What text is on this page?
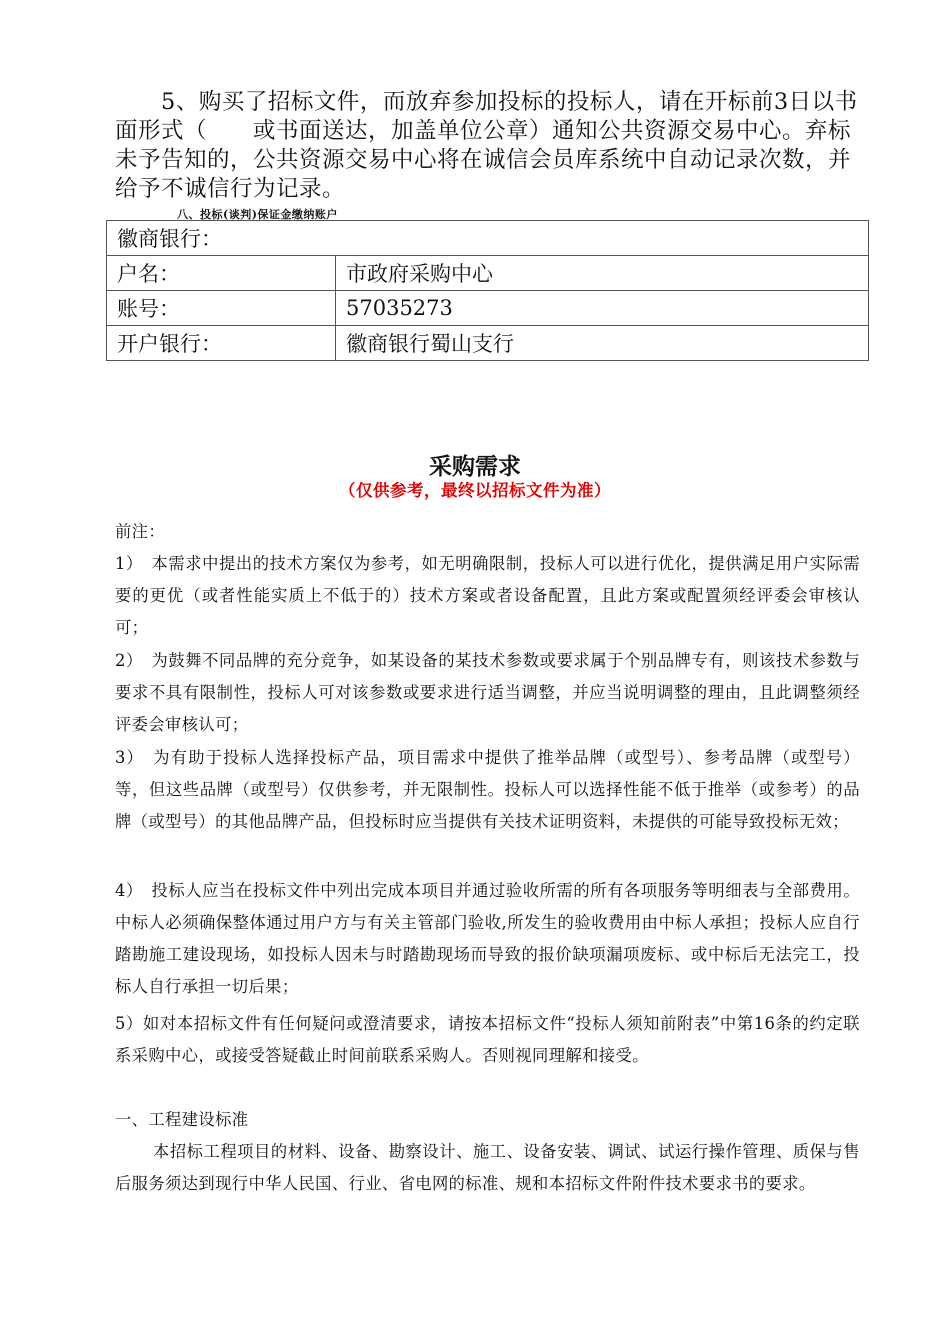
5、购买了招标文件，而放弃参加投标的投标人，请在开标前3日以书面形式（　　或书面送达，加盖单位公章）通知公共资源交易中心。弃标未予告知的，公共资源交易中心将在诚信会员库系统中自动记录次数，并给予不诚信行为记录。

八、投标(谈判)保证金缴纳账户

徽商银行：	
户名：	市政府采购中心
账号：	57035273
开户银行：	徽商银行蜀山支行
采购需求

（仅供参考，最终以招标文件为准）

前注：

1）　本需求中提出的技术方案仅为参考，如无明确限制，投标人可以进行优化，提供满足用户实际需要的更优（或者性能实质上不低于的）技术方案或者设备配置，且此方案或配置须经评委会审核认可；

2）　为鼓舞不同品牌的充分竞争，如某设备的某技术参数或要求属于个别品牌专有，则该技术参数与要求不具有限制性，投标人可对该参数或要求进行适当调整，并应当说明调整的理由，且此调整须经评委会审核认可；

3）　为有助于投标人选择投标产品，项目需求中提供了推举品牌（或型号）、参考品牌（或型号）等，但这些品牌（或型号）仅供参考，并无限制性。投标人可以选择性能不低于推举（或参考）的品牌（或型号）的其他品牌产品，但投标时应当提供有关技术证明资料，未提供的可能导致投标无效；

4）　投标人应当在投标文件中列出完成本项目并通过验收所需的所有各项服务等明细表与全部费用。中标人必须确保整体通过用户方与有关主管部门验收,所发生的验收费用由中标人承担；投标人应自行踏勘施工建设现场，如投标人因未与时踏勘现场而导致的报价缺项漏项废标、或中标后无法完工，投标人自行承担一切后果；

5）如对本招标文件有任何疑问或澄清要求，请按本招标文件“投标人须知前附表”中第16条的约定联系采购中心，或接受答疑截止时间前联系采购人。否则视同理解和接受。

一、工程建设标准

本招标工程项目的材料、设备、勘察设计、施工、设备安装、调试、试运行操作管理、质保与售后服务须达到现行中华人民国、行业、省电网的标准、规和本招标文件附件技术要求书的要求。
